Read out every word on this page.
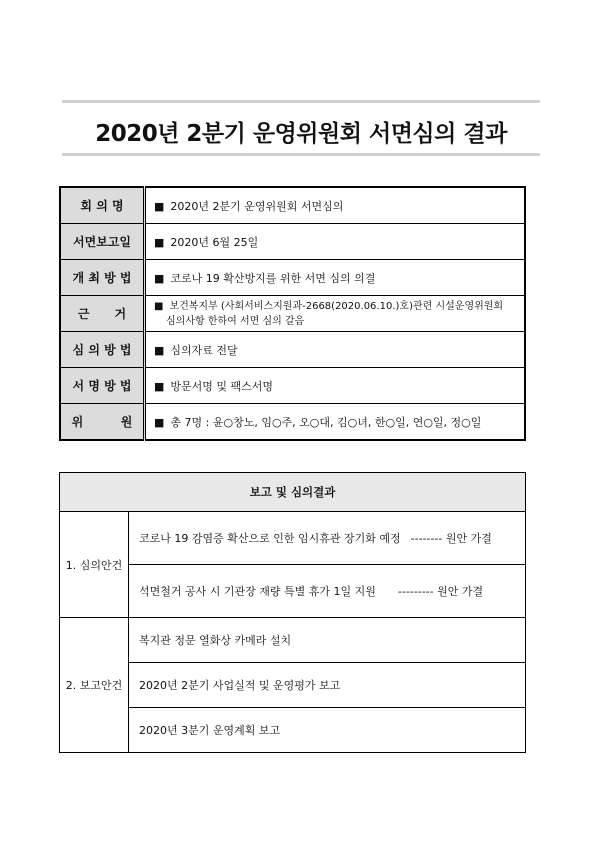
2020년 2분기 운영위원회 서면심의 결과
회 의 명	■ 2020년 2분기 운영위원회 서면심의
서면보고일	■ 2020년 6월 25일
개 최 방 법	■ 코로나 19 확산방지를 위한 서면 심의 의결
근      거	■ 보건복지부 (사회서비스지원과-2668(2020.06.10.)호)관련 시설운영위원회
심의사항 한하여 서면 심의 갈음

심 의 방 법	■ 심의자료 전달
서 명 방 법	■ 방문서명 및 팩스서명
위         원	■ 총 7명 : 윤○창노, 임○주, 오○대, 김○녀, 한○일, 연○일, 정○일
보고 및 심의결과	
1. 심의안건	코로나 19 감염증 확산으로 인한 임시휴관 장기화 예정 -------- 원안 가결
	석면철거 공사 시 기관장 재량 특별 휴가 1일 지원 --------- 원안 가결
2. 보고안건	복지관 정문 열화상 카메라 설치
	2020년 2분기 사업실적 및 운영평가 보고
	2020년 3분기 운영계획 보고
